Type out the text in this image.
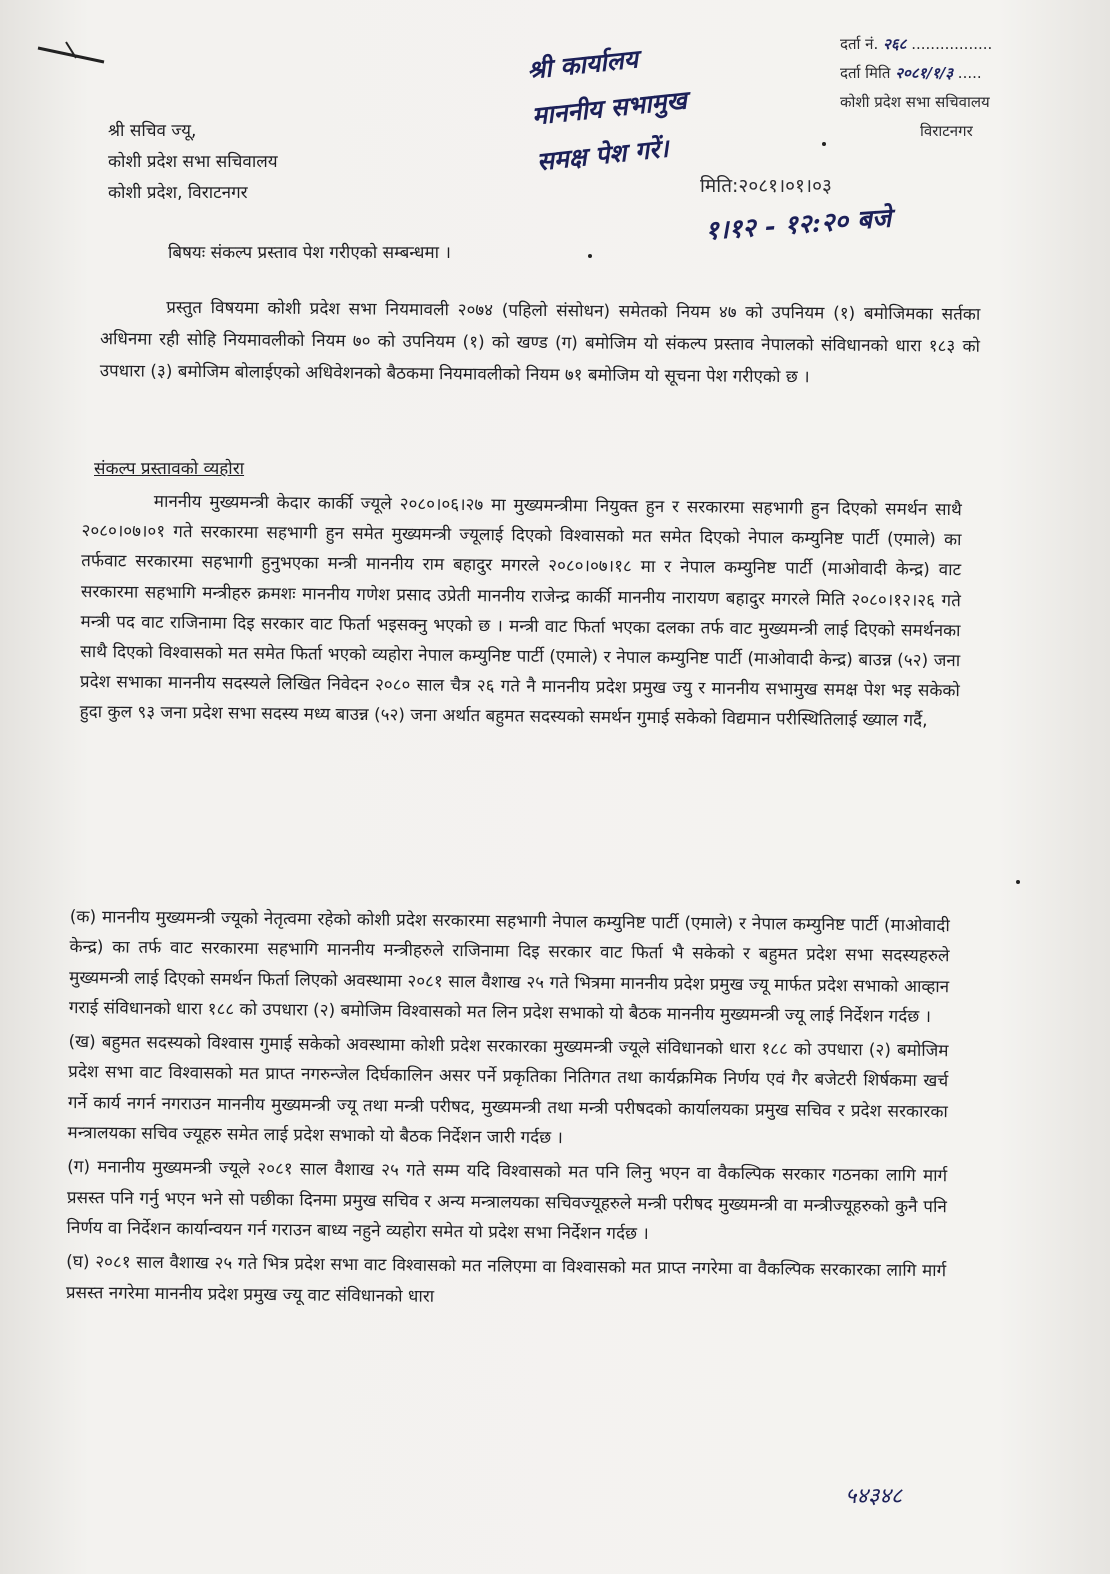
दर्ता नं. २६८ .................
दर्ता मिति २०८१/१/३ .....
कोशी प्रदेश सभा सचिवालय
विराटनगर
श्री कार्यालय
माननीय सभामुख
समक्ष पेश गरें।
मिति:२०८१।०१।०३
१।१२ - १२:२० बजे
श्री सचिव ज्यू,
कोशी प्रदेश सभा सचिवालय
कोशी प्रदेश, विराटनगर
बिषयः संकल्प प्रस्ताव पेश गरीएको सम्बन्धमा ।
प्रस्तुत विषयमा कोशी प्रदेश सभा नियमावली २०७४ (पहिलो संसोधन) समेतको नियम ४७ को उपनियम (१) बमोजिमका सर्तका अधिनमा रही सोहि नियमावलीको नियम ७० को उपनियम (१) को खण्ड (ग) बमोजिम यो संकल्प प्रस्ताव नेपालको संविधानको धारा १८३ को उपधारा (३) बमोजिम बोलाईएको अधिवेशनको बैठकमा नियमावलीको नियम ७१ बमोजिम यो सूचना पेश गरीएको छ ।
संकल्प प्रस्तावको व्यहोरा
माननीय मुख्यमन्त्री केदार कार्की ज्यूले २०८०।०६।२७ मा मुख्यमन्त्रीमा नियुक्त हुन र सरकारमा सहभागी हुन दिएको समर्थन साथै २०८०।०७।०१ गते सरकारमा सहभागी हुन समेत मुख्यमन्त्री ज्यूलाई दिएको विश्वासको मत समेत दिएको नेपाल कम्युनिष्ट पार्टी (एमाले) का तर्फवाट सरकारमा सहभागी हुनुभएका मन्त्री माननीय राम बहादुर मगरले २०८०।०७।१८ मा र नेपाल कम्युनिष्ट पार्टी (माओवादी केन्द्र) वाट सरकारमा सहभागि मन्त्रीहरु क्रमशः माननीय गणेश प्रसाद उप्रेती माननीय राजेन्द्र कार्की माननीय नारायण बहादुर मगरले मिति २०८०।१२।२६ गते मन्त्री पद वाट राजिनामा दिइ सरकार वाट फिर्ता भइसक्नु भएको छ । मन्त्री वाट फिर्ता भएका दलका तर्फ वाट मुख्यमन्त्री लाई दिएको समर्थनका साथै दिएको विश्वासको मत समेत फिर्ता भएको व्यहोरा नेपाल कम्युनिष्ट पार्टी (एमाले) र नेपाल कम्युनिष्ट पार्टी (माओवादी केन्द्र) बाउन्न (५२) जना प्रदेश सभाका माननीय सदस्यले लिखित निवेदन २०८० साल चैत्र २६ गते नै माननीय प्रदेश प्रमुख ज्यु र माननीय सभामुख समक्ष पेश भइ सकेको हुदा कुल ९३ जना प्रदेश सभा सदस्य मध्य बाउन्न (५२) जना अर्थात बहुमत सदस्यको समर्थन गुमाई सकेको विद्यमान परीस्थितिलाई ख्याल गर्दै,

(क) माननीय मुख्यमन्त्री ज्यूको नेतृत्वमा रहेको कोशी प्रदेश सरकारमा सहभागी नेपाल कम्युनिष्ट पार्टी (एमाले) र नेपाल कम्युनिष्ट पार्टी (माओवादी केन्द्र) का तर्फ वाट सरकारमा सहभागि माननीय मन्त्रीहरुले राजिनामा दिइ सरकार वाट फिर्ता भै सकेको र बहुमत प्रदेश सभा सदस्यहरुले मुख्यमन्त्री लाई दिएको समर्थन फिर्ता लिएको अवस्थामा २०८१ साल वैशाख २५ गते भित्रमा माननीय प्रदेश प्रमुख ज्यू मार्फत प्रदेश सभाको आव्हान गराई संविधानको धारा १८८ को उपधारा (२) बमोजिम विश्वासको मत लिन प्रदेश सभाको यो बैठक माननीय मुख्यमन्त्री ज्यू लाई निर्देशन गर्दछ ।

(ख) बहुमत सदस्यको विश्वास गुमाई सकेको अवस्थामा कोशी प्रदेश सरकारका मुख्यमन्त्री ज्यूले संविधानको धारा १८८ को उपधारा (२) बमोजिम प्रदेश सभा वाट विश्वासको मत प्राप्त नगरुन्जेल दिर्घकालिन असर पर्ने प्रकृतिका नितिगत तथा कार्यक्रमिक निर्णय एवं गैर बजेटरी शिर्षकमा खर्च गर्ने कार्य नगर्न नगराउन माननीय मुख्यमन्त्री ज्यू तथा मन्त्री परीषद, मुख्यमन्त्री तथा मन्त्री परीषदको कार्यालयका प्रमुख सचिव र प्रदेश सरकारका मन्त्रालयका सचिव ज्यूहरु समेत लाई प्रदेश सभाको यो बैठक निर्देशन जारी गर्दछ ।

(ग) मनानीय मुख्यमन्त्री ज्यूले २०८१ साल वैशाख २५ गते सम्म यदि विश्वासको मत पनि लिनु भएन वा वैकल्पिक सरकार गठनका लागि मार्ग प्रसस्त पनि गर्नु भएन भने सो पछीका दिनमा प्रमुख सचिव र अन्य मन्त्रालयका सचिवज्यूहरुले मन्त्री परीषद मुख्यमन्त्री वा मन्त्रीज्यूहरुको कुनै पनि निर्णय वा निर्देशन कार्यान्वयन गर्न गराउन बाध्य नहुने व्यहोरा समेत यो प्रदेश सभा निर्देशन गर्दछ ।

(घ) २०८१ साल वैशाख २५ गते भित्र प्रदेश सभा वाट विश्वासको मत नलिएमा वा विश्वासको मत प्राप्त नगरेमा वा वैकल्पिक सरकारका लागि मार्ग प्रसस्त नगरेमा माननीय प्रदेश प्रमुख ज्यू वाट संविधानको धारा

५४३४८
